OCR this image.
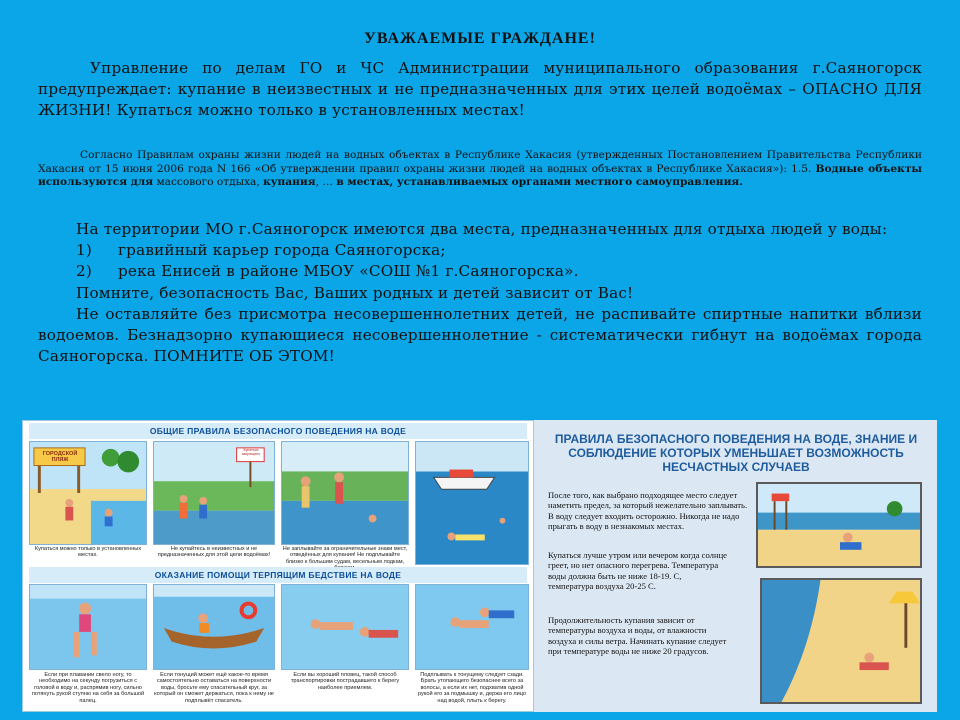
УВАЖАЕМЫЕ ГРАЖДАНЕ!
Управление по делам ГО и ЧС Администрации муниципального образования г.Саяногорск предупреждает: купание в неизвестных и не предназначенных для этих целей водоёмах – ОПАСНО ДЛЯ ЖИЗНИ! Купаться можно только в установленных местах!
Согласно Правилам охраны жизни людей на водных объектах в Республике Хакасия (утвержденных Постановлением Правительства Республики Хакасия от 15 июня 2006 года N 166 «Об утверждении правил охраны жизни людей на водных объектах в Республике Хакасия»): 1.5. Водные объекты используются для массового отдыха, купания, … в местах, устанавливаемых органами местного самоуправления.
На территории МО г.Саяногорск имеются два места, предназначенных для отдыха людей у воды:
1) гравийный карьер города Саяногорска;
2) река Енисей в районе МБОУ «СОШ №1 г.Саяногорска».
Помните, безопасность Вас, Ваших родных и детей зависит от Вас!
Не оставляйте без присмотра несовершеннолетних детей, не распивайте спиртные напитки вблизи водоемов. Безнадзорно купающиеся несовершеннолетние - систематически гибнут на водоёмах города Саяногорска. ПОМНИТЕ ОБ ЭТОМ!
ОБЩИЕ ПРАВИЛА БЕЗОПАСНОГО ПОВЕДЕНИЯ НА ВОДЕ
Купаться можно только в установленных местах.
ГОРОДСКОЙ ПЛЯЖ
Не купайтесь в неизвестных и не предназначенных для этой цели водоёмах!
Купаться запрещено
Не заплывайте за ограничительные знаки мест, отведённых для купания! Не подплывайте близко к большим судам, весельным лодкам,
ОКАЗАНИЕ ПОМОЩИ ТЕРПЯЩИМ БЕДСТВИЕ НА ВОДЕ
Если при плавании свело ногу, то необходимо на секунду погрузиться с головой в воду и, распрямив ногу, сильно потянуть рукой ступню на себя за большой палец.
Если тонущий может ещё какое-то время самостоятельно оставаться на поверхности воды, бросьте ему спасательный круг, за который он сможет держаться, пока к нему не подплывёт спасатель.
Если вы хороший пловец, такой способ транспортировки пострадавшего к берегу наиболее приемлем.
Подплывать к тонущему следует сзади. Брать утопающего безопаснее всего за волосы, а если их нет, подхватив одной рукой его за подмышку и, держа его лицо над водой, плыть к берегу.
ПРАВИЛА БЕЗОПАСНОГО ПОВЕДЕНИЯ НА ВОДЕ, ЗНАНИЕ И СОБЛЮДЕНИЕ КОТОРЫХ УМЕНЬШАЕТ ВОЗМОЖНОСТЬ НЕСЧАСТНЫХ СЛУЧАЕВ
После того, как выбрано подходящее место следует наметить предел, за который нежелательно заплывать. В воду следует входить осторожно. Никогда не надо прыгать в воду в незнакомых местах.
Купаться лучше утром или вечером когда солнце греет, но нет опасного перегрева. Температура воды должна быть не ниже 18-19. С, температура воздуха 20-25 С.
Продолжительность купания зависит от температуры воздуха и воды, от влажности воздуха и силы ветра. Начинать купание следует при температуре воды не ниже 20 градусов.
